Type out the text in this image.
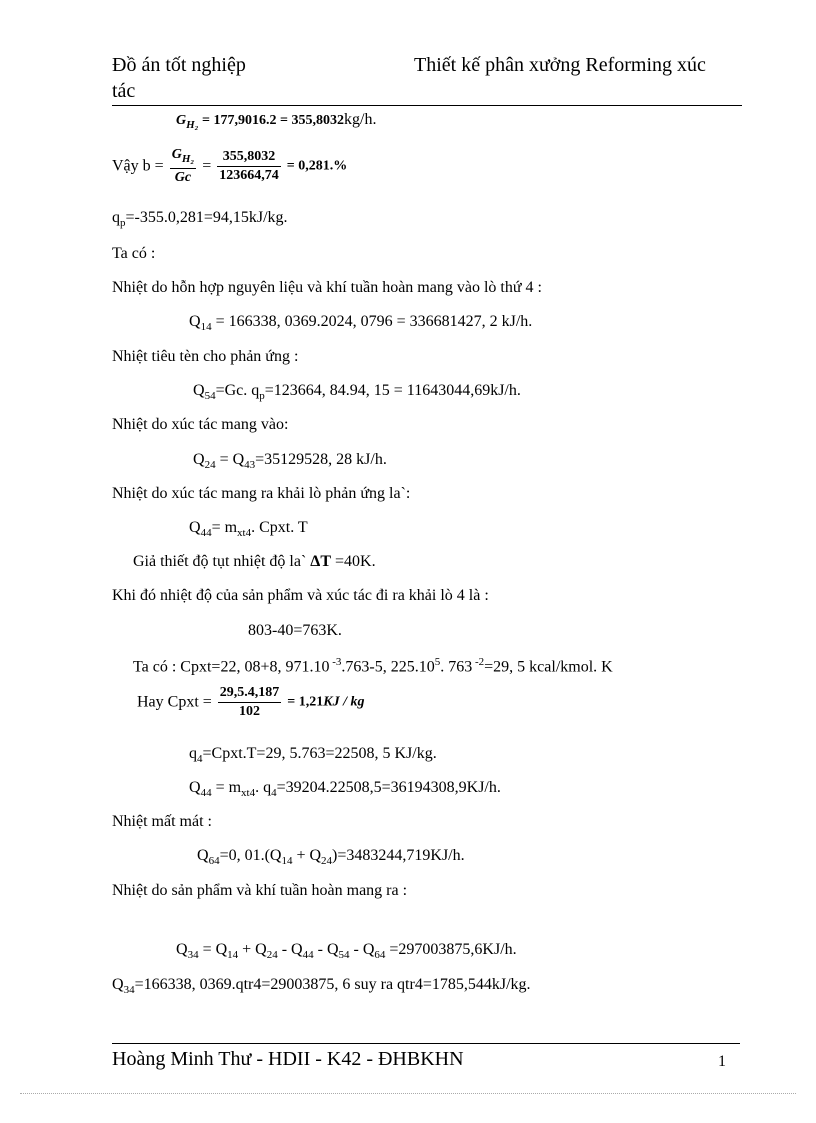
Đồ án tốt nghiệp	Thiết kế phân xưởng Reforming xúc
tác
$G_{H_2} = 177,9016.2 = 355,8032kg/h$.
Vậy $b = \frac{G_{H_2}}{Gc} = \frac{355,8032}{123664,74} = 0,281.\%$
$q_p=-355.0,281=94,15kJ/kg$.
Ta có :
Nhiệt do hỗn hợp nguyên liệu và khí tuần hoàn mang vào lò thứ 4 :
$Q_{14} = 166338$, 0369.2024, 0796 = 336681427, 2 kJ/h.
Nhiệt tiêu tèn cho phản ứng :
$Q_{54}=Gc$. $q_p=123664$, 84.94, 15 = 11643044,69kJ/h.
Nhiệt do xúc tác mang vào:
$Q_{24} = Q_{43}=35129528$, 28 kJ/h.
Nhiệt do xúc tác mang ra khải lò phản ứng la`:
$Q_{44}= m_{xt4}$. Cpxt. T
Giả thiết độ tụt nhiệt độ la` ΔT =40K.
Khi đó nhiệt độ của sản phẩm và xúc tác đi ra khải lò 4 là :
803-40=763K.
Ta có : Cpxt=22, 08+8, 971.10 $^{-3}$.763-5, 225.10$^5$. 763 $^{-2}$=29, 5 kcal/kmol. K
Hay Cpxt = $\frac{29,5.4,187}{102} = 1,21KJ$ / kg
$q_4=Cpxt.T=29$, 5.763=22508, 5 KJ/kg.
$Q_{44} = m_{xt4}$. $q_4=39204.22508,5=36194308,9KJ/h$.
Nhiệt mất mát :
$Q_{64}=0$, $01.(Q_{14} + Q_{24})=3483244,719KJ/h$.
Nhiệt do sản phẩm và khí tuần hoàn mang ra :
$Q_{34} = Q_{14} + Q_{24} - Q_{44} - Q_{54} - Q_{64} =297003875,6KJ/h$.
$Q_{34}=166338$, 0369.qtr4=29003875, 6 suy ra qtr4=1785,544kJ/kg.
Hoàng Minh Thư - HDII - K42 - ĐHBKHN	1
